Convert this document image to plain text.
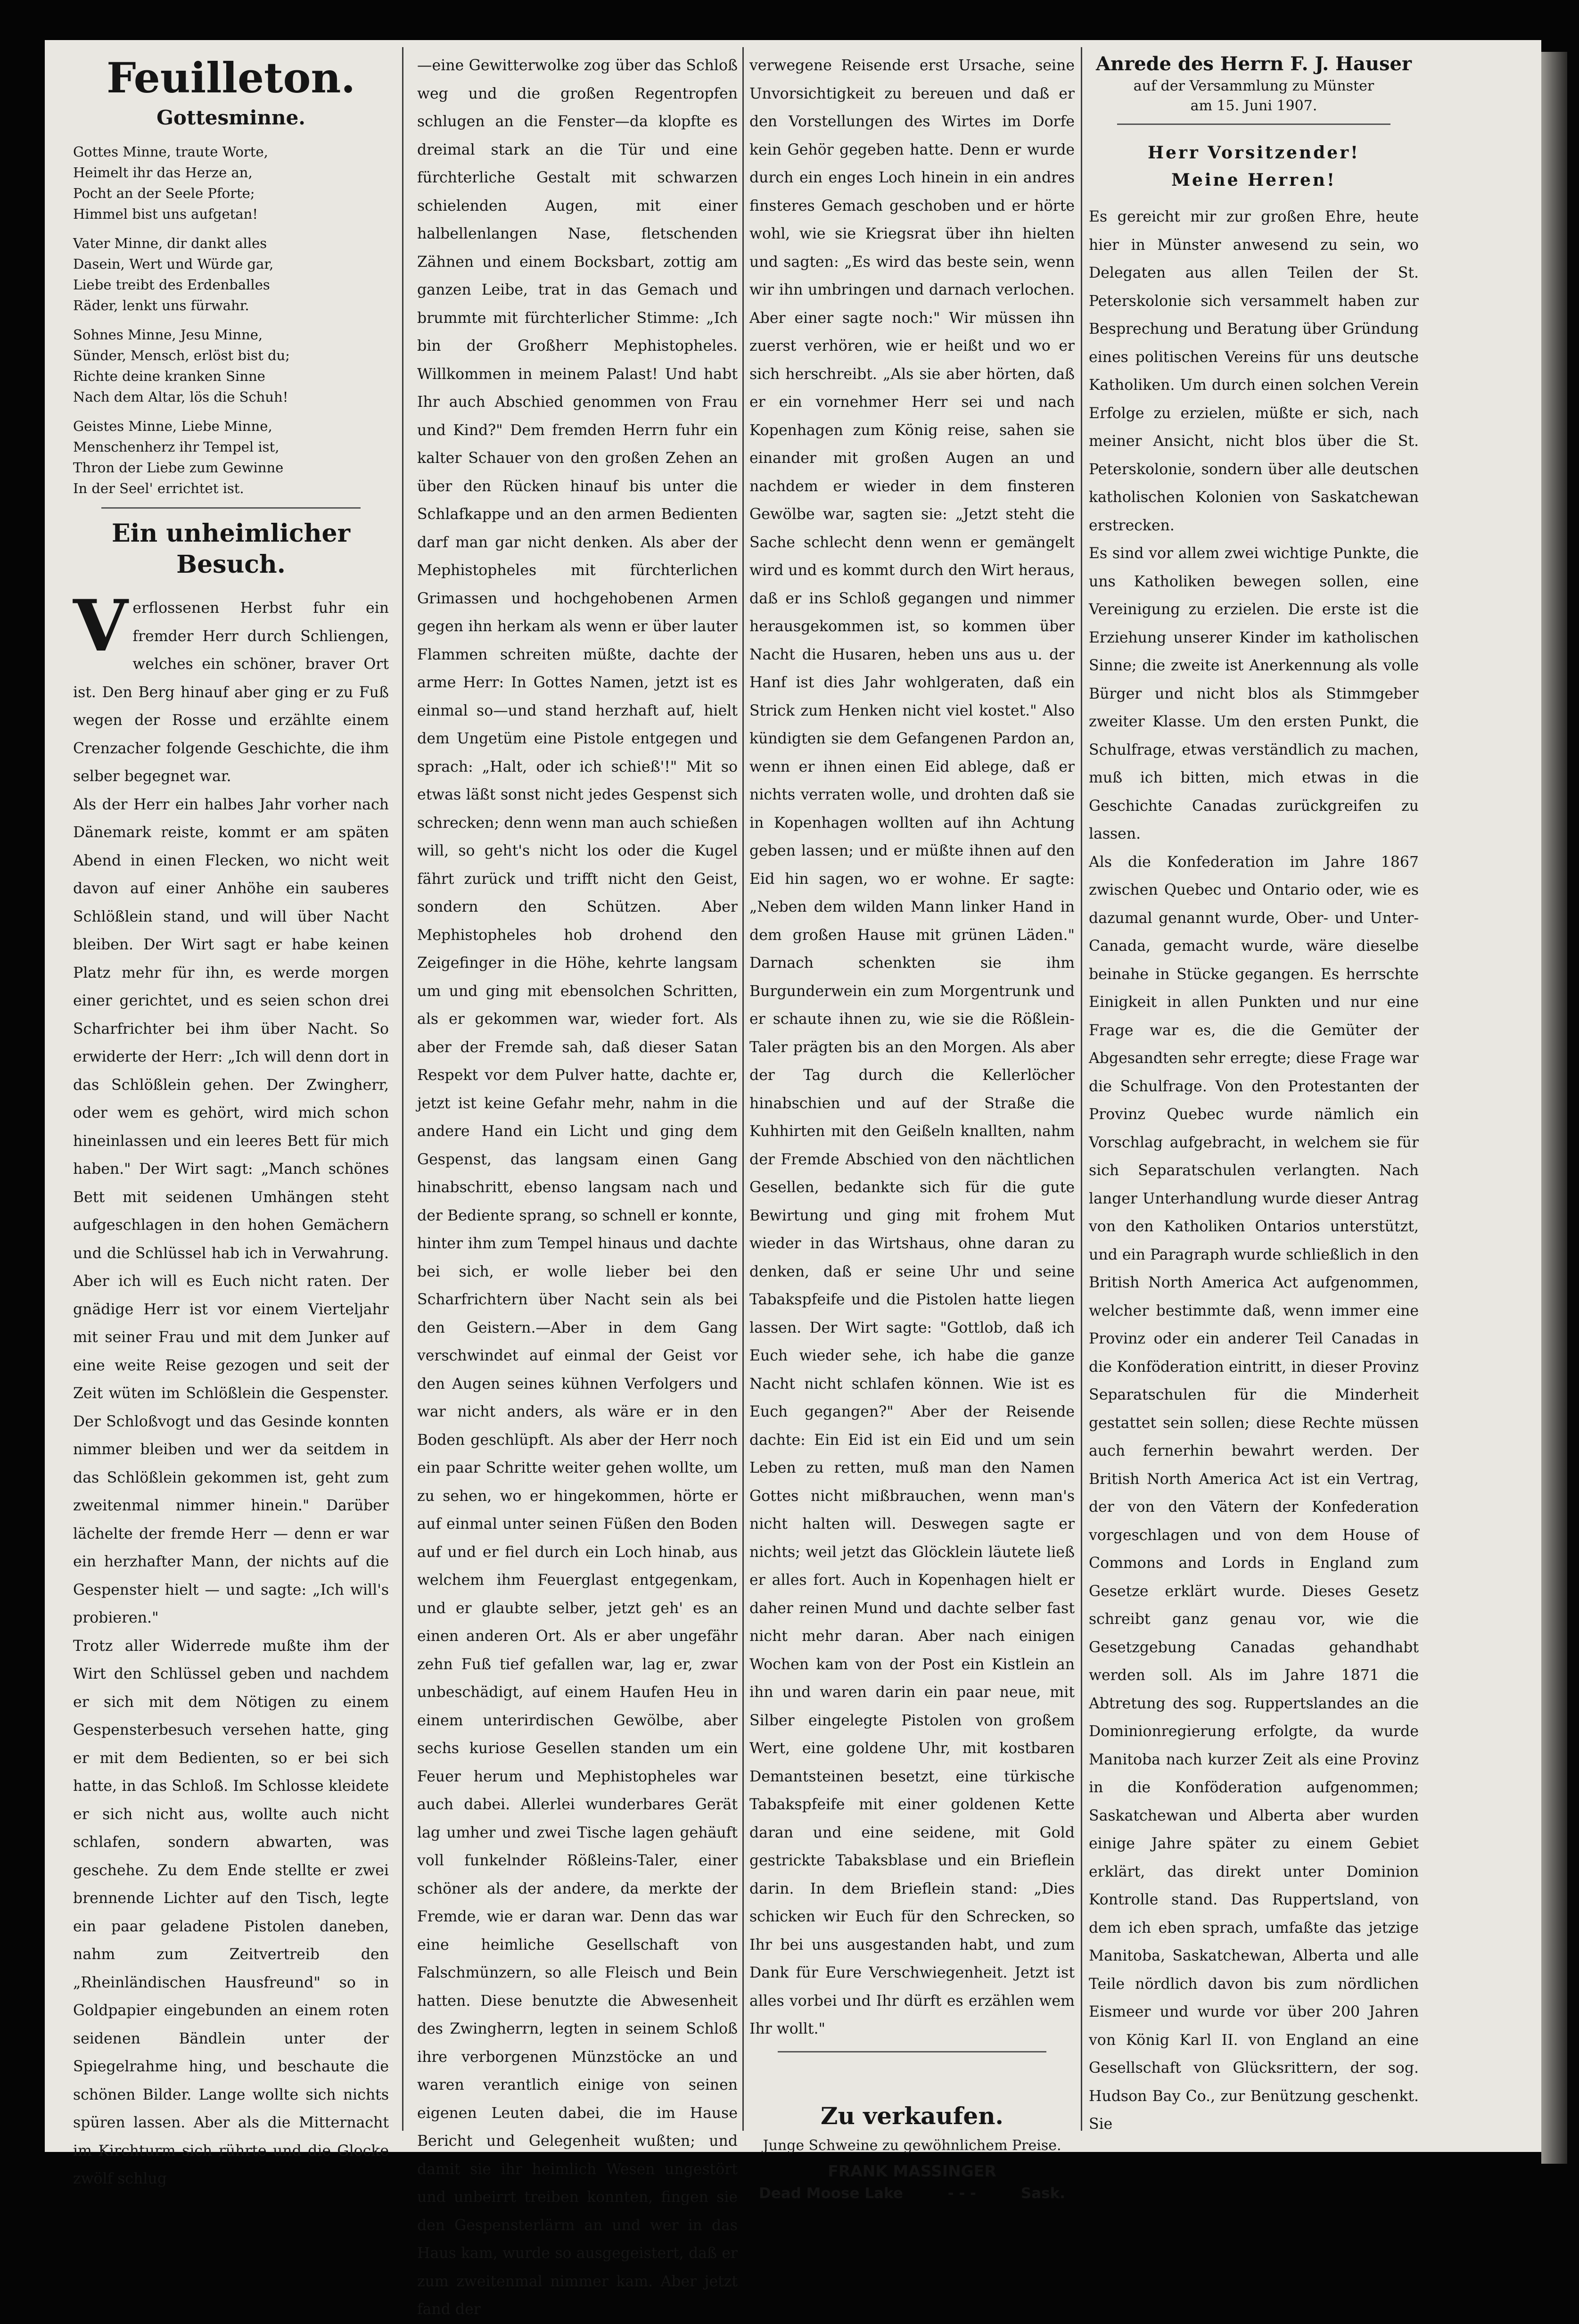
Feuilleton.
Gottesminne.

Gottes Minne, traute Worte,
Heimelt ihr das Herze an,
Pocht an der Seele Pforte;
Himmel bist uns aufgetan!

Vater Minne, dir dankt alles
Dasein, Wert und Würde gar,
Liebe treibt des Erdenballes
Räder, lenkt uns fürwahr.

Sohnes Minne, Jesu Minne,
Sünder, Mensch, erlöst bist du;
Richte deine kranken Sinne
Nach dem Altar, lös die Schuh!

Geistes Minne, Liebe Minne,
Menschenherz ihr Tempel ist,
Thron der Liebe zum Gewinne
In der Seel' errichtet ist.

Ein unheimlicher Besuch.
V erflossenen Herbst fuhr ein fremder Herr durch Schliengen, welches ein schöner, braver Ort ist. Den Berg hinauf aber ging er zu Fuß wegen der Rosse und erzählte einem Crenzacher folgende Geschichte, die ihm selber begegnet war.
Als der Herr ein halbes Jahr vorher nach Dänemark reiste, kommt er am späten Abend in einen Flecken, wo nicht weit davon auf einer Anhöhe ein sauberes Schlößlein stand, und will über Nacht bleiben. Der Wirt sagt er habe keinen Platz mehr für ihn, es werde morgen einer gerichtet, und es seien schon drei Scharfrichter bei ihm über Nacht. So erwiderte der Herr: „Ich will denn dort in das Schlößlein gehen. Der Zwingherr, oder wem es gehört, wird mich schon hineinlassen und ein leeres Bett für mich haben." Der Wirt sagt: „Manch schönes Bett mit seidenen Umhängen steht aufgeschlagen in den hohen Gemächern und die Schlüssel hab ich in Verwahrung. Aber ich will es Euch nicht raten. Der gnädige Herr ist vor einem Vierteljahr mit seiner Frau und mit dem Junker auf eine weite Reise gezogen und seit der Zeit wüten im Schlößlein die Gespenster. Der Schloßvogt und das Gesinde konnten nimmer bleiben und wer da seitdem in das Schlößlein gekommen ist, geht zum zweitenmal nimmer hinein." Darüber lächelte der fremde Herr — denn er war ein herzhafter Mann, der nichts auf die Gespenster hielt — und sagte: „Ich will's probieren."
Trotz aller Widerrede mußte ihm der Wirt den Schlüssel geben und nachdem er sich mit dem Nötigen zu einem Gespensterbesuch versehen hatte, ging er mit dem Bedienten, so er bei sich hatte, in das Schloß. Im Schlosse kleidete er sich nicht aus, wollte auch nicht schlafen, sondern abwarten, was geschehe. Zu dem Ende stellte er zwei brennende Lichter auf den Tisch, legte ein paar geladene Pistolen daneben, nahm zum Zeitvertreib den „Rheinländischen Hausfreund" so in Goldpapier eingebunden an einem roten seidenen Bändlein unter der Spiegelrahme hing, und beschaute die schönen Bilder. Lange wollte sich nichts spüren lassen. Aber als die Mitternacht im Kirchturm sich rührte und die Glocke zwölf schlug

—eine Gewitterwolke zog über das Schloß weg und die großen Regentropfen schlugen an die Fenster—da klopfte es dreimal stark an die Tür und eine fürchterliche Gestalt mit schwarzen schielenden Augen, mit einer halbellenlangen Nase, fletschenden Zähnen und einem Bocksbart, zottig am ganzen Leibe, trat in das Gemach und brummte mit fürchterlicher Stimme: „Ich bin der Großherr Mephistopheles. Willkommen in meinem Palast! Und habt Ihr auch Abschied genommen von Frau und Kind?" Dem fremden Herrn fuhr ein kalter Schauer von den großen Zehen an über den Rücken hinauf bis unter die Schlafkappe und an den armen Bedienten darf man gar nicht denken. Als aber der Mephistopheles mit fürchterlichen Grimassen und hochgehobenen Armen gegen ihn herkam als wenn er über lauter Flammen schreiten müßte, dachte der arme Herr: In Gottes Namen, jetzt ist es einmal so—und stand herzhaft auf, hielt dem Ungetüm eine Pistole entgegen und sprach: „Halt, oder ich schieß'!" Mit so etwas läßt sonst nicht jedes Gespenst sich schrecken; denn wenn man auch schießen will, so geht's nicht los oder die Kugel fährt zurück und trifft nicht den Geist, sondern den Schützen. Aber Mephistopheles hob drohend den Zeigefinger in die Höhe, kehrte langsam um und ging mit ebensolchen Schritten, als er gekommen war, wieder fort. Als aber der Fremde sah, daß dieser Satan Respekt vor dem Pulver hatte, dachte er, jetzt ist keine Gefahr mehr, nahm in die andere Hand ein Licht und ging dem Gespenst, das langsam einen Gang hinabschritt, ebenso langsam nach und der Bediente sprang, so schnell er konnte, hinter ihm zum Tempel hinaus und dachte bei sich, er wolle lieber bei den Scharfrichtern über Nacht sein als bei den Geistern.—Aber in dem Gang verschwindet auf einmal der Geist vor den Augen seines kühnen Verfolgers und war nicht anders, als wäre er in den Boden geschlüpft. Als aber der Herr noch ein paar Schritte weiter gehen wollte, um zu sehen, wo er hingekommen, hörte er auf einmal unter seinen Füßen den Boden auf und er fiel durch ein Loch hinab, aus welchem ihm Feuerglast entgegenkam, und er glaubte selber, jetzt geh' es an einen anderen Ort. Als er aber ungefähr zehn Fuß tief gefallen war, lag er, zwar unbeschädigt, auf einem Haufen Heu in einem unterirdischen Gewölbe, aber sechs kuriose Gesellen standen um ein Feuer herum und Mephistopheles war auch dabei. Allerlei wunderbares Gerät lag umher und zwei Tische lagen gehäuft voll funkelnder Rößleins-Taler, einer schöner als der andere, da merkte der Fremde, wie er daran war. Denn das war eine heimliche Gesellschaft von Falschmünzern, so alle Fleisch und Bein hatten. Diese benutzte die Abwesenheit des Zwingherrn, legten in seinem Schloß ihre verborgenen Münzstöcke an und waren verantlich einige von seinen eigenen Leuten dabei, die im Hause Bericht und Gelegenheit wußten; und damit sie ihr heimlich Wesen ungestört und unbeirrt treiben konnten, fingen sie den Gespensterlärm an und wer in das Haus kam, wurde so ausgegeistert, daß er zum zweitenmal nimmer kam. Aber jetzt fand der

verwegene Reisende erst Ursache, seine Unvorsichtigkeit zu bereuen und daß er den Vorstellungen des Wirtes im Dorfe kein Gehör gegeben hatte. Denn er wurde durch ein enges Loch hinein in ein andres finsteres Gemach geschoben und er hörte wohl, wie sie Kriegsrat über ihn hielten und sagten: „Es wird das beste sein, wenn wir ihn umbringen und darnach verlochen. Aber einer sagte noch:" Wir müssen ihn zuerst verhören, wie er heißt und wo er sich herschreibt. „Als sie aber hörten, daß er ein vornehmer Herr sei und nach Kopenhagen zum König reise, sahen sie einander mit großen Augen an und nachdem er wieder in dem finsteren Gewölbe war, sagten sie: „Jetzt steht die Sache schlecht denn wenn er gemängelt wird und es kommt durch den Wirt heraus, daß er ins Schloß gegangen und nimmer herausgekommen ist, so kommen über Nacht die Husaren, heben uns aus u. der Hanf ist dies Jahr wohlgeraten, daß ein Strick zum Henken nicht viel kostet." Also kündigten sie dem Gefangenen Pardon an, wenn er ihnen einen Eid ablege, daß er nichts verraten wolle, und drohten daß sie in Kopenhagen wollten auf ihn Achtung geben lassen; und er müßte ihnen auf den Eid hin sagen, wo er wohne. Er sagte: „Neben dem wilden Mann linker Hand in dem großen Hause mit grünen Läden." Darnach schenkten sie ihm Burgunderwein ein zum Morgentrunk und er schaute ihnen zu, wie sie die Rößlein-Taler prägten bis an den Morgen. Als aber der Tag durch die Kellerlöcher hinabschien und auf der Straße die Kuhhirten mit den Geißeln knallten, nahm der Fremde Abschied von den nächtlichen Gesellen, bedankte sich für die gute Bewirtung und ging mit frohem Mut wieder in das Wirtshaus, ohne daran zu denken, daß er seine Uhr und seine Tabakspfeife und die Pistolen hatte liegen lassen. Der Wirt sagte: "Gottlob, daß ich Euch wieder sehe, ich habe die ganze Nacht nicht schlafen können. Wie ist es Euch gegangen?" Aber der Reisende dachte: Ein Eid ist ein Eid und um sein Leben zu retten, muß man den Namen Gottes nicht mißbrauchen, wenn man's nicht halten will. Deswegen sagte er nichts; weil jetzt das Glöcklein läutete ließ er alles fort. Auch in Kopenhagen hielt er daher reinen Mund und dachte selber fast nicht mehr daran. Aber nach einigen Wochen kam von der Post ein Kistlein an ihn und waren darin ein paar neue, mit Silber eingelegte Pistolen von großem Wert, eine goldene Uhr, mit kostbaren Demantsteinen besetzt, eine türkische Tabakspfeife mit einer goldenen Kette daran und eine seidene, mit Gold gestrickte Tabaksblase und ein Brieflein darin. In dem Brieflein stand: „Dies schicken wir Euch für den Schrecken, so Ihr bei uns ausgestanden habt, und zum Dank für Eure Verschwiegenheit. Jetzt ist alles vorbei und Ihr dürft es erzählen wem Ihr wollt."

Zu verkaufen.

Junge Schweine zu gewöhnlichem Preise.

FRANK MASSINGER

Dead Moose Lake	- - -	Sask.
Anrede des Herrn F. J. Hauser

auf der Versammlung zu Münster

am 15. Juni 1907.

Herr Vorsitzender!
Meine Herren!

Es gereicht mir zur großen Ehre, heute hier in Münster anwesend zu sein, wo Delegaten aus allen Teilen der St. Peterskolonie sich versammelt haben zur Besprechung und Beratung über Gründung eines politischen Vereins für uns deutsche Katholiken. Um durch einen solchen Verein Erfolge zu erzielen, müßte er sich, nach meiner Ansicht, nicht blos über die St. Peterskolonie, sondern über alle deutschen katholischen Kolonien von Saskatchewan erstrecken.
Es sind vor allem zwei wichtige Punkte, die uns Katholiken bewegen sollen, eine Vereinigung zu erzielen. Die erste ist die Erziehung unserer Kinder im katholischen Sinne; die zweite ist Anerkennung als volle Bürger und nicht blos als Stimmgeber zweiter Klasse. Um den ersten Punkt, die Schulfrage, etwas verständlich zu machen, muß ich bitten, mich etwas in die Geschichte Canadas zurückgreifen zu lassen.
Als die Konfederation im Jahre 1867 zwischen Quebec und Ontario oder, wie es dazumal genannt wurde, Ober- und Unter-Canada, gemacht wurde, wäre dieselbe beinahe in Stücke gegangen. Es herrschte Einigkeit in allen Punkten und nur eine Frage war es, die die Gemüter der Abgesandten sehr erregte; diese Frage war die Schulfrage. Von den Protestanten der Provinz Quebec wurde nämlich ein Vorschlag aufgebracht, in welchem sie für sich Separatschulen verlangten. Nach langer Unterhandlung wurde dieser Antrag von den Katholiken Ontarios unterstützt, und ein Paragraph wurde schließlich in den British North America Act aufgenommen, welcher bestimmte daß, wenn immer eine Provinz oder ein anderer Teil Canadas in die Konföderation eintritt, in dieser Provinz Separatschulen für die Minderheit gestattet sein sollen; diese Rechte müssen auch fernerhin bewahrt werden. Der British North America Act ist ein Vertrag, der von den Vätern der Konfederation vorgeschlagen und von dem House of Commons and Lords in England zum Gesetze erklärt wurde. Dieses Gesetz schreibt ganz genau vor, wie die Gesetzgebung Canadas gehandhabt werden soll. Als im Jahre 1871 die Abtretung des sog. Ruppertslandes an die Dominionregierung erfolgte, da wurde Manitoba nach kurzer Zeit als eine Provinz in die Konföderation aufgenommen; Saskatchewan und Alberta aber wurden einige Jahre später zu einem Gebiet erklärt, das direkt unter Dominion Kontrolle stand. Das Ruppertsland, von dem ich eben sprach, umfaßte das jetzige Manitoba, Saskatchewan, Alberta und alle Teile nördlich davon bis zum nördlichen Eismeer und wurde vor über 200 Jahren von König Karl II. von England an eine Gesellschaft von Glücksrittern, der sog. Hudson Bay Co., zur Benützung geschenkt. Sie
